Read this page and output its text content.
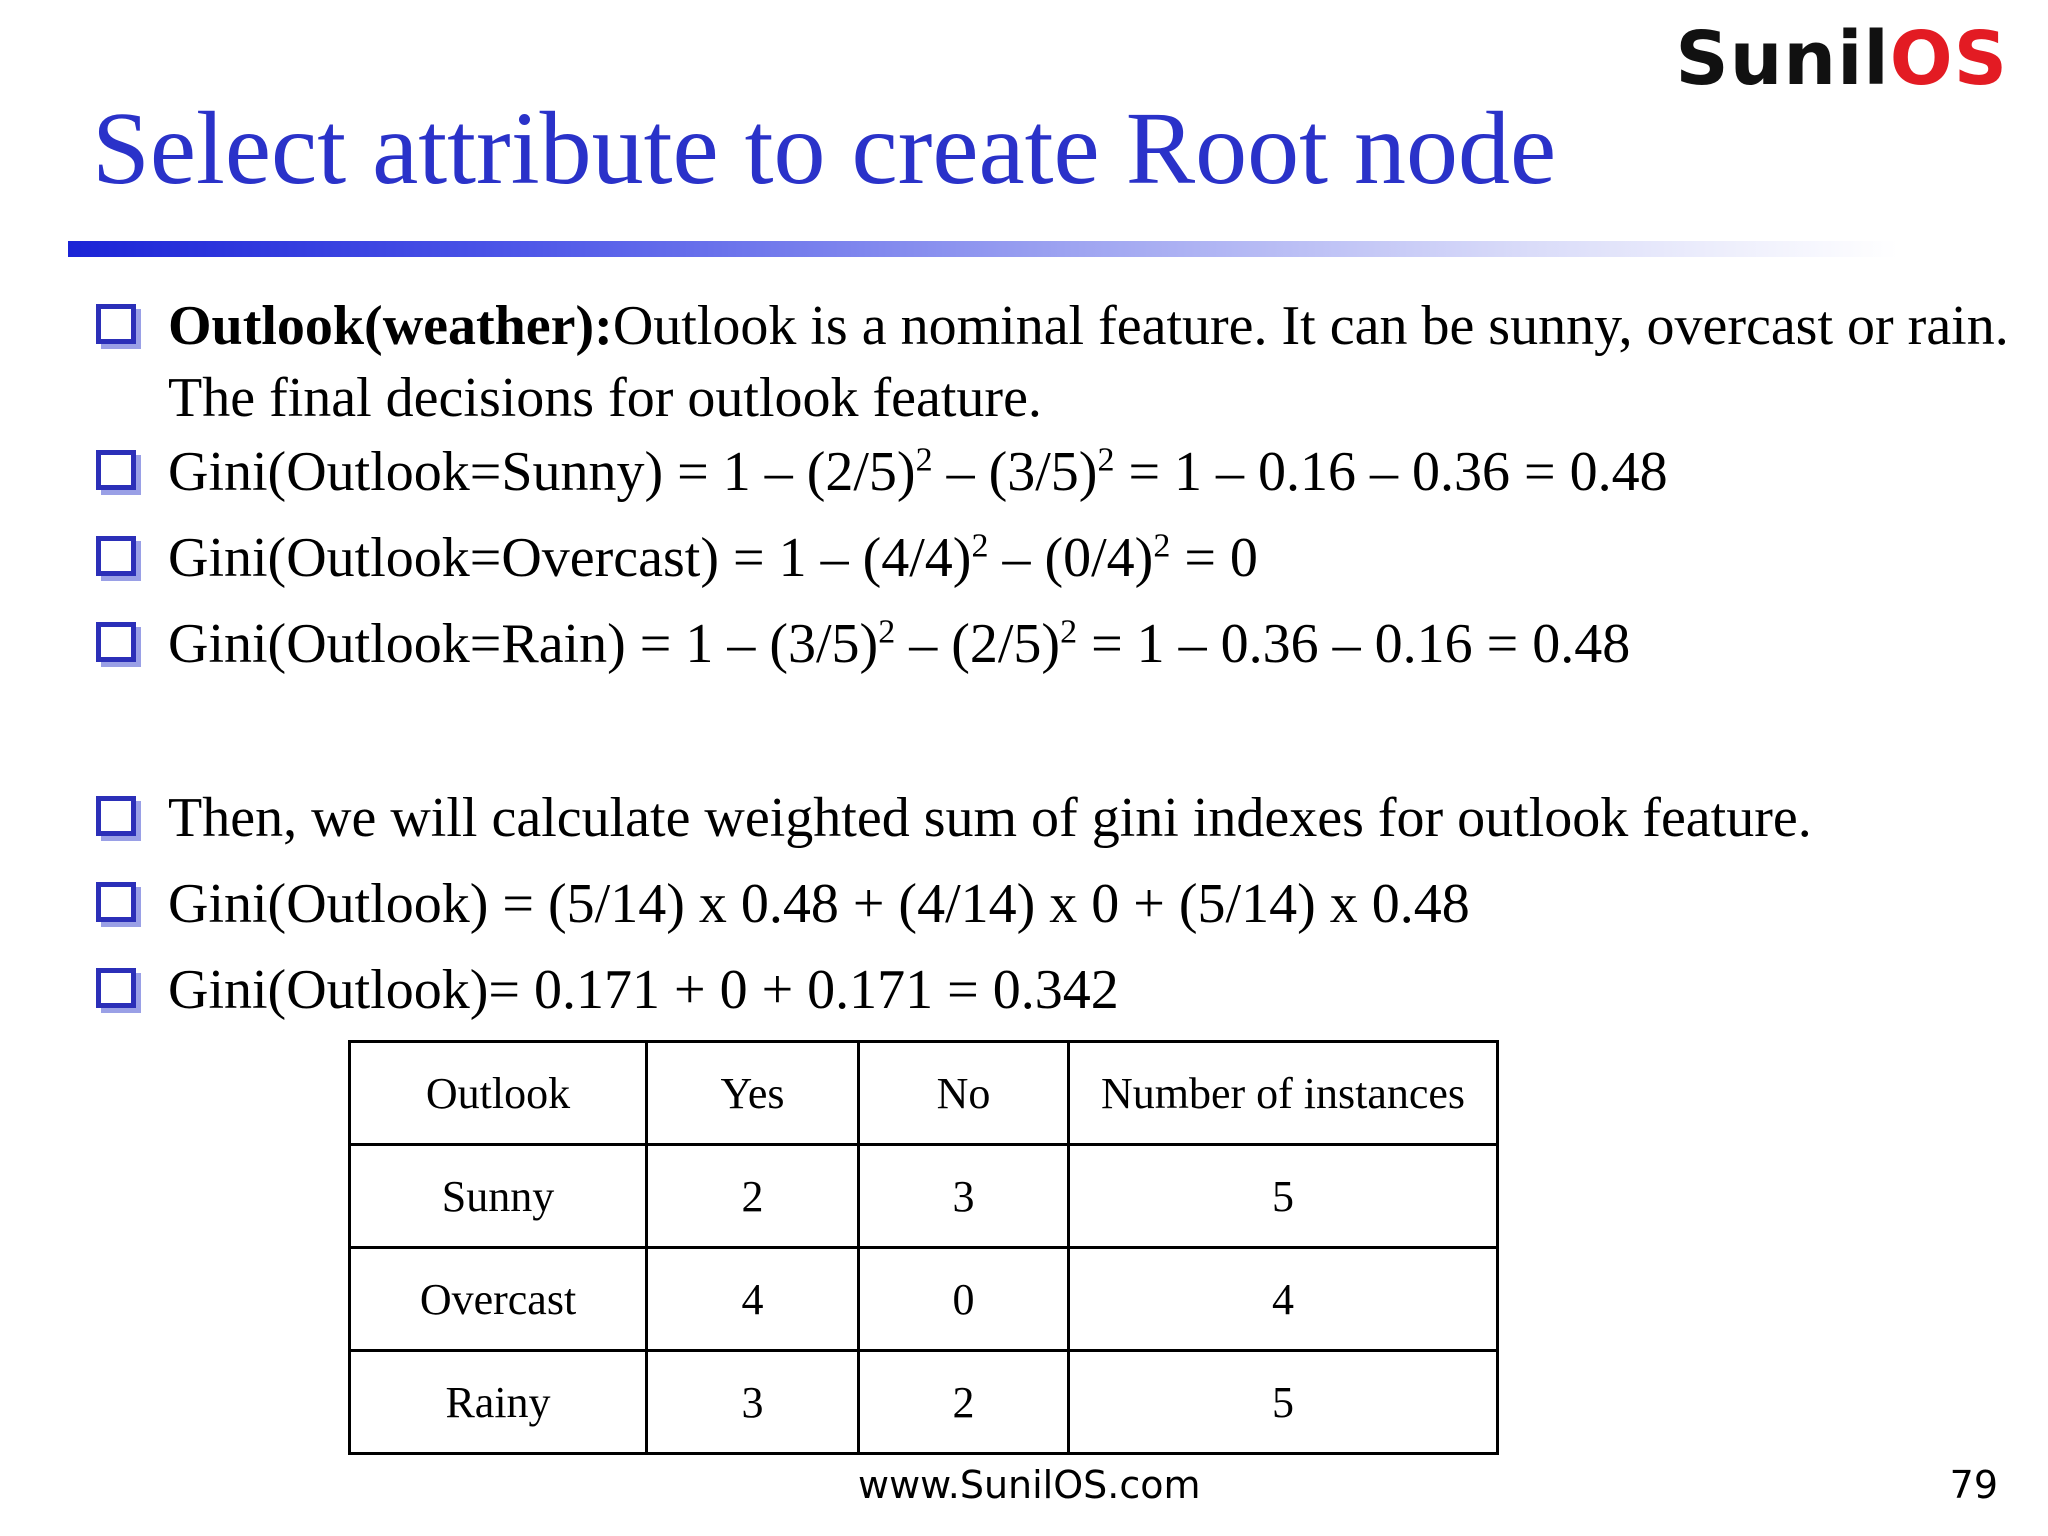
SunilOS
Select attribute to create Root node
Outlook(weather):Outlook is a nominal feature. It can be sunny, overcast or rain. The final decisions for outlook feature.
Gini(Outlook=Sunny) = $1 - (2/5)^2 - (3/5)^2 = 1 - 0.16 - 0.36 = 0.48$
Gini(Outlook=Overcast) = $1 - (4/4)^2 - (0/4)^2 = 0$
Gini(Outlook=Rain) = $1 - (3/5)^2 - (2/5)^2 = 1 - 0.36 - 0.16 = 0.48$
Then, we will calculate weighted sum of gini indexes for outlook feature.
Gini(Outlook) = (5/14) x 0.48 + (4/14) x 0 + (5/14) x 0.48
Gini(Outlook)= 0.171 + 0 + 0.171 = 0.342
Outlook	Yes	No	Number of instances
Sunny	2	3	5
Overcast	4	0	4
Rainy	3	2	5
www.SunilOS.com	79
